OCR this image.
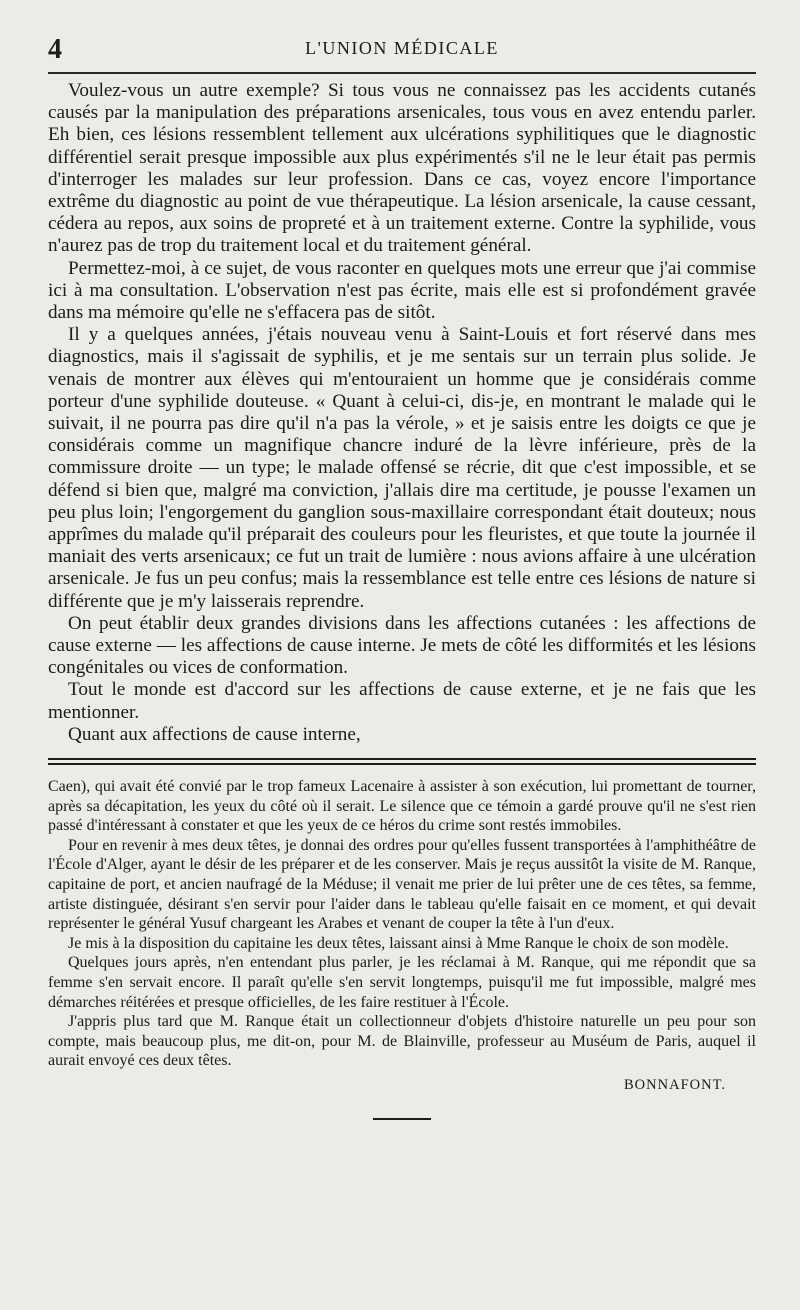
4	L'UNION MÉDICALE

Voulez-vous un autre exemple? Si tous vous ne connaissez pas les accidents cutanés causés par la manipulation des préparations arsenicales, tous vous en avez entendu parler. Eh bien, ces lésions ressemblent tellement aux ulcérations syphilitiques que le diagnostic différentiel serait presque impossible aux plus expérimentés s'il ne le leur était pas permis d'interroger les malades sur leur profession. Dans ce cas, voyez encore l'importance extrême du diagnostic au point de vue thérapeutique. La lésion arsenicale, la cause cessant, cédera au repos, aux soins de propreté et à un traitement externe. Contre la syphilide, vous n'aurez pas de trop du traitement local et du traitement général.

Permettez-moi, à ce sujet, de vous raconter en quelques mots une erreur que j'ai commise ici à ma consultation. L'observation n'est pas écrite, mais elle est si profondément gravée dans ma mémoire qu'elle ne s'effacera pas de sitôt.

Il y a quelques années, j'étais nouveau venu à Saint-Louis et fort réservé dans mes diagnostics, mais il s'agissait de syphilis, et je me sentais sur un terrain plus solide. Je venais de montrer aux élèves qui m'entouraient un homme que je considérais comme porteur d'une syphilide douteuse. « Quant à celui-ci, dis-je, en montrant le malade qui le suivait, il ne pourra pas dire qu'il n'a pas la vérole, » et je saisis entre les doigts ce que je considérais comme un magnifique chancre induré de la lèvre inférieure, près de la commissure droite — un type; le malade offensé se récrie, dit que c'est impossible, et se défend si bien que, malgré ma conviction, j'allais dire ma certitude, je pousse l'examen un peu plus loin; l'engorgement du ganglion sous-maxillaire correspondant était douteux; nous apprîmes du malade qu'il préparait des couleurs pour les fleuristes, et que toute la journée il maniait des verts arsenicaux; ce fut un trait de lumière : nous avions affaire à une ulcération arsenicale. Je fus un peu confus; mais la ressemblance est telle entre ces lésions de nature si différente que je m'y laisserais reprendre.

On peut établir deux grandes divisions dans les affections cutanées : les affections de cause externe — les affections de cause interne. Je mets de côté les difformités et les lésions congénitales ou vices de conformation.

Tout le monde est d'accord sur les affections de cause externe, et je ne fais que les mentionner.

Quant aux affections de cause interne,

Caen), qui avait été convié par le trop fameux Lacenaire à assister à son exécution, lui promettant de tourner, après sa décapitation, les yeux du côté où il serait. Le silence que ce témoin a gardé prouve qu'il ne s'est rien passé d'intéressant à constater et que les yeux de ce héros du crime sont restés immobiles.

Pour en revenir à mes deux têtes, je donnai des ordres pour qu'elles fussent transportées à l'amphithéâtre de l'École d'Alger, ayant le désir de les préparer et de les conserver. Mais je reçus aussitôt la visite de M. Ranque, capitaine de port, et ancien naufragé de la Méduse; il venait me prier de lui prêter une de ces têtes, sa femme, artiste distinguée, désirant s'en servir pour l'aider dans le tableau qu'elle faisait en ce moment, et qui devait représenter le général Yusuf chargeant les Arabes et venant de couper la tête à l'un d'eux.

Je mis à la disposition du capitaine les deux têtes, laissant ainsi à Mme Ranque le choix de son modèle.

Quelques jours après, n'en entendant plus parler, je les réclamai à M. Ranque, qui me répondit que sa femme s'en servait encore. Il paraît qu'elle s'en servit longtemps, puisqu'il me fut impossible, malgré mes démarches réitérées et presque officielles, de les faire restituer à l'École.

J'appris plus tard que M. Ranque était un collectionneur d'objets d'histoire naturelle un peu pour son compte, mais beaucoup plus, me dit-on, pour M. de Blainville, professeur au Muséum de Paris, auquel il aurait envoyé ces deux têtes.

BONNAFONT.
